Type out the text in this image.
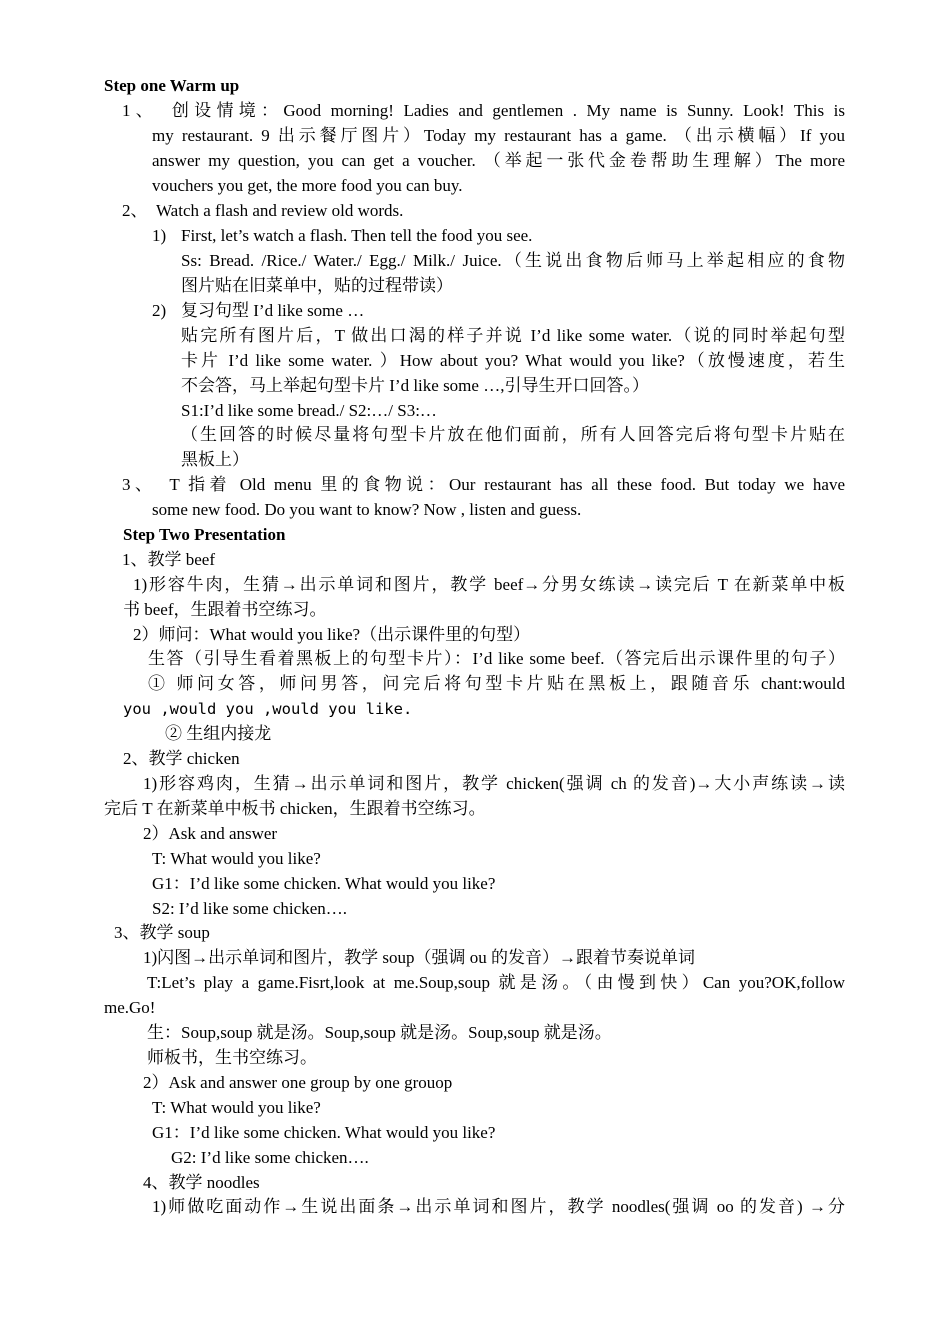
Step one Warm up
1、　创设情境：Good morning! Ladies and gentlemen . My name is Sunny. Look! This is
my restaurant. 9 出示餐厅图片）Today my restaurant has a game. （出示横幅）If you
answer my question, you can get a voucher. （举起一张代金卷帮助生理解）The more
vouchers you get, the more food you can buy.
2、　Watch a flash and review old words.
1) First, let’s watch a flash. Then tell the food you see.
Ss: Bread. /Rice./ Water./ Egg./ Milk./ Juice.（生说出食物后师马上举起相应的食物
图片贴在旧菜单中，贴的过程带读）
2) 复习句型 I’d like some …
贴完所有图片后，T 做出口渴的样子并说 I’d like some water.（说的同时举起句型
卡片 I’d like some water. ）How about you? What would you like?（放慢速度，若生
不会答，马上举起句型卡片 I’d like some …,引导生开口回答。）
S1:I’d like some bread./ S2:…/ S3:…
（生回答的时候尽量将句型卡片放在他们面前，所有人回答完后将句型卡片贴在
黑板上）
3、　T 指着 Old menu 里的食物说：Our restaurant has all these food. But today we have
some new food. Do you want to know? Now , listen and guess.
Step Two Presentation
1、教学 beef
1)形容牛肉，生猜→出示单词和图片，教学 beef→分男女练读→读完后 T 在新菜单中板
书 beef，生跟着书空练习。
2）师问：What would you like?（出示课件里的句型）
生答（引导生看着黑板上的句型卡片）：I’d like some beef.（答完后出示课件里的句子）
① 师问女答，师问男答，问完后将句型卡片贴在黑板上，跟随音乐 chant:would
you ,would you ,would you like.
② 生组内接龙
2、教学 chicken
1)形容鸡肉，生猜→出示单词和图片，教学 chicken(强调 ch 的发音)→大小声练读→读
完后 T 在新菜单中板书 chicken，生跟着书空练习。
2）Ask and answer
T: What would you like?
G1：I’d like some chicken. What would you like?
S2: I’d like some chicken….
3、教学 soup
1)闪图→出示单词和图片，教学 soup（强调 ou 的发音）→跟着节奏说单词
T:Let’s play a game.Fisrt,look at me.Soup,soup 就是汤。（由慢到快）Can you?OK,follow
me.Go!
生：Soup,soup 就是汤。Soup,soup 就是汤。Soup,soup 就是汤。
师板书，生书空练习。
2）Ask and answer one group by one grouop
T: What would you like?
G1：I’d like some chicken. What would you like?
G2: I’d like some chicken….
4、教学 noodles
1)师做吃面动作→生说出面条→出示单词和图片，教学 noodles(强调 oo 的发音) →分
